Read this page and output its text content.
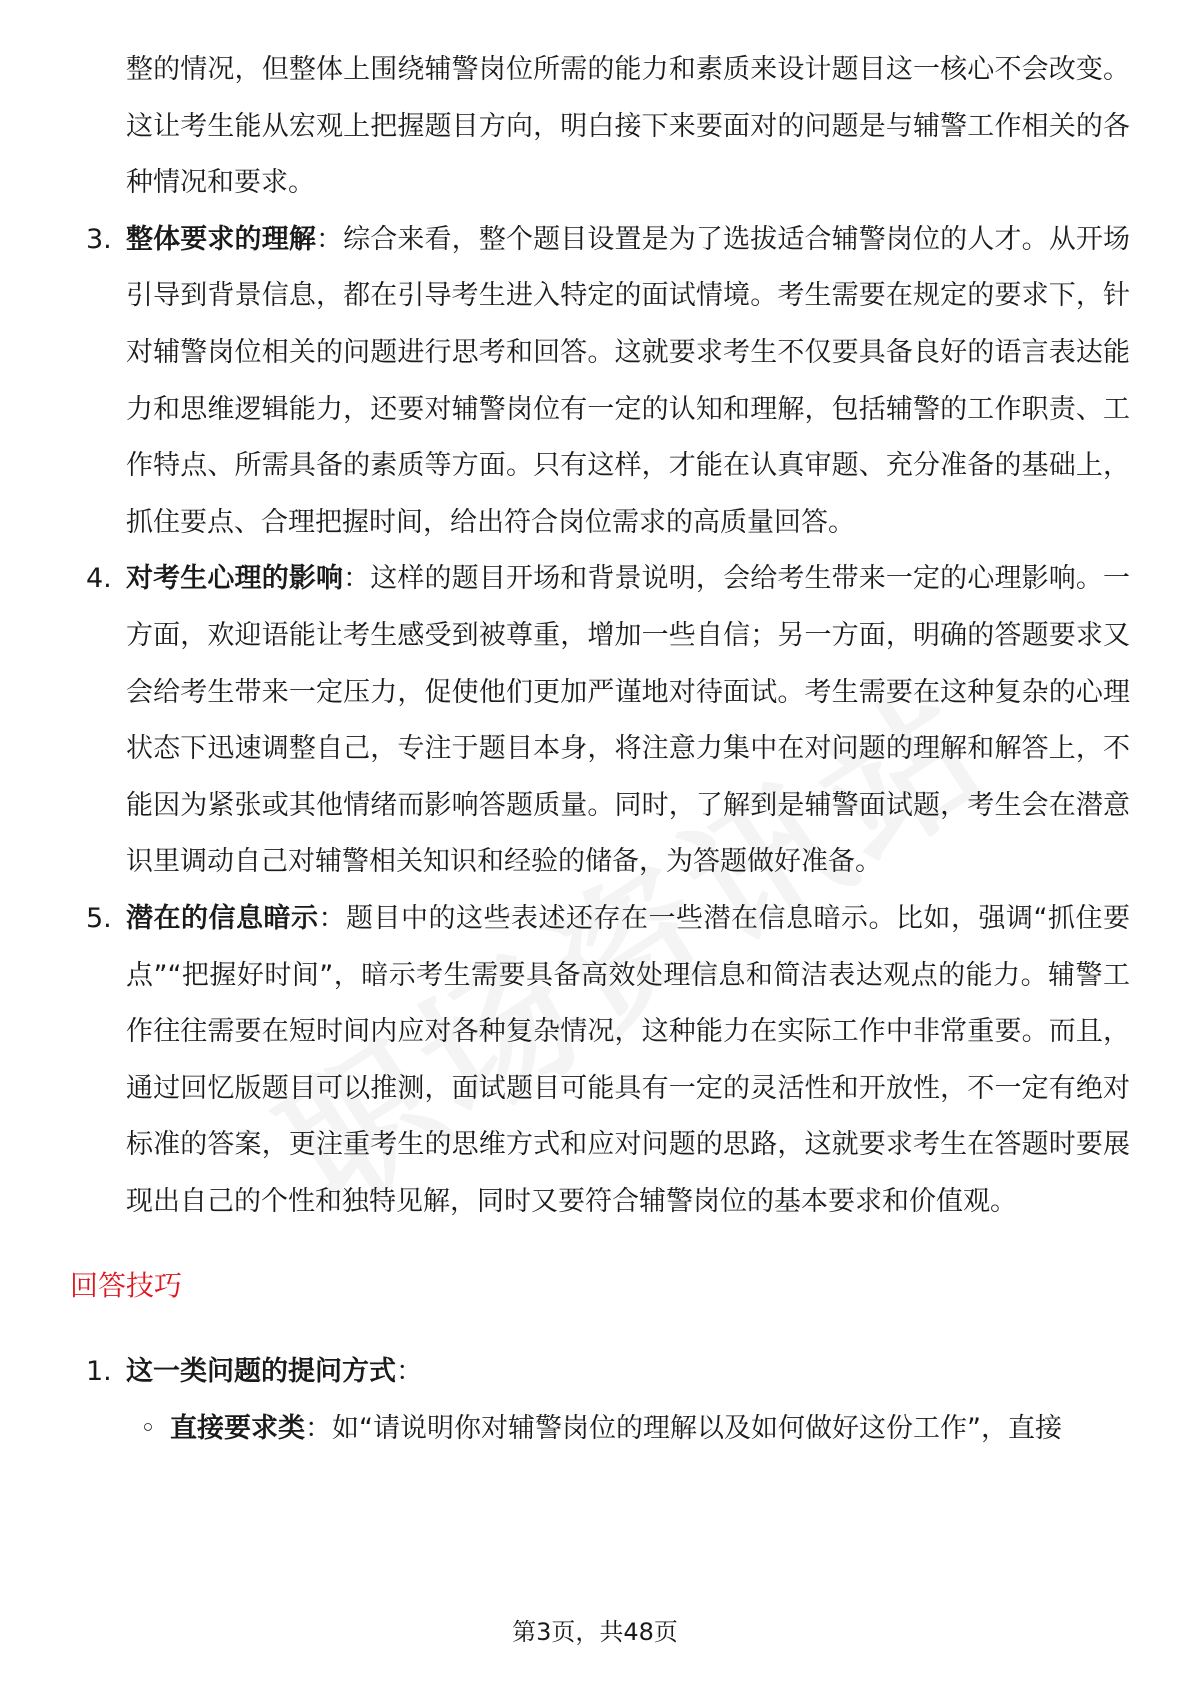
整的情况，但整体上围绕辅警岗位所需的能力和素质来设计题目这一核心不会改变。这让考生能从宏观上把握题目方向，明白接下来要面对的问题是与辅警工作相关的各种情况和要求。

3. 整体要求的理解：综合来看，整个题目设置是为了选拔适合辅警岗位的人才。从开场引导到背景信息，都在引导考生进入特定的面试情境。考生需要在规定的要求下，针对辅警岗位相关的问题进行思考和回答。这就要求考生不仅要具备良好的语言表达能力和思维逻辑能力，还要对辅警岗位有一定的认知和理解，包括辅警的工作职责、工作特点、所需具备的素质等方面。只有这样，才能在认真审题、充分准备的基础上，抓住要点、合理把握时间，给出符合岗位需求的高质量回答。
4. 对考生心理的影响：这样的题目开场和背景说明，会给考生带来一定的心理影响。一方面，欢迎语能让考生感受到被尊重，增加一些自信；另一方面，明确的答题要求又会给考生带来一定压力，促使他们更加严谨地对待面试。考生需要在这种复杂的心理状态下迅速调整自己，专注于题目本身，将注意力集中在对问题的理解和解答上，不能因为紧张或其他情绪而影响答题质量。同时，了解到是辅警面试题，考生会在潜意识里调动自己对辅警相关知识和经验的储备，为答题做好准备。
5. 潜在的信息暗示：题目中的这些表述还存在一些潜在信息暗示。比如，强调“抓住要点”“把握好时间”，暗示考生需要具备高效处理信息和简洁表达观点的能力。辅警工作往往需要在短时间内应对各种复杂情况，这种能力在实际工作中非常重要。而且，通过回忆版题目可以推测，面试题目可能具有一定的灵活性和开放性，不一定有绝对标准的答案，更注重考生的思维方式和应对问题的思路，这就要求考生在答题时要展现出自己的个性和独特见解，同时又要符合辅警岗位的基本要求和价值观。
回答技巧
1. 这一类问题的提问方式：
◦ 直接要求类：如“请说明你对辅警岗位的理解以及如何做好这份工作”，直接
第3页，共48页
